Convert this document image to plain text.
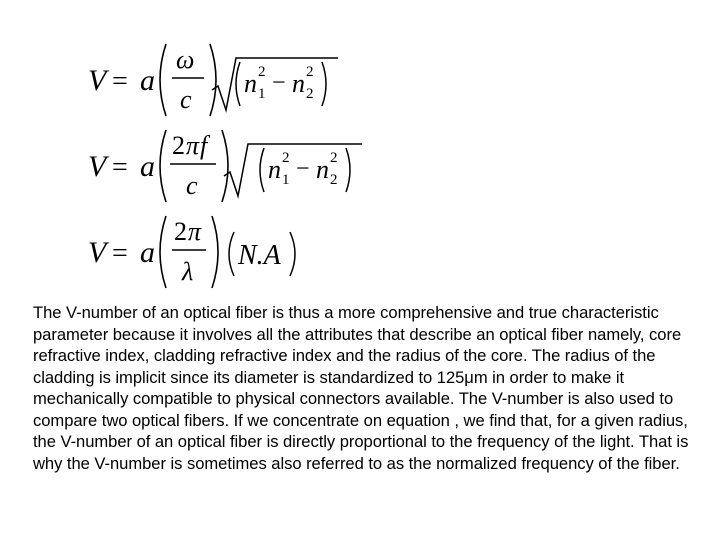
V = a
ω
c
n 2
1 − n 2
2
V = a
2 π f
c
n 2
1 − n 2
2
V = a
2 π
λ
N.A

The V-number of an optical fiber is thus a more comprehensive and true characteristic parameter because it involves all the attributes that describe an optical fiber namely, core refractive index, cladding refractive index and the radius of the core. The radius of the cladding is implicit since its diameter is standardized to 125μm in order to make it mechanically compatible to physical connectors available. The V-number is also used to compare two optical fibers. If we concentrate on equation , we find that, for a given radius, the V-number of an optical fiber is directly proportional to the frequency of the light. That is why the V-number is sometimes also referred to as the normalized frequency of the fiber.
